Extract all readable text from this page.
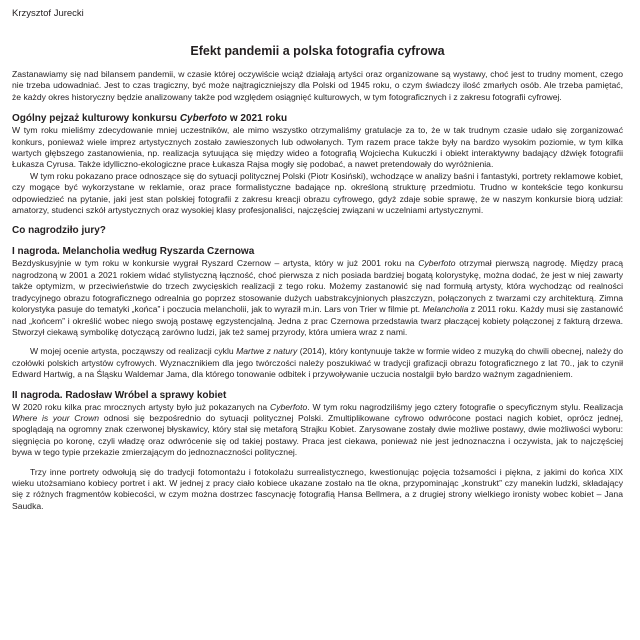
Krzysztof Jurecki
Efekt pandemii a polska fotografia cyfrowa

Zastanawiamy się nad bilansem pandemii, w czasie której oczywiście wciąż działają artyści oraz organizowane są wystawy, choć jest to trudny moment, czego nie trzeba udowadniać. Jest to czas tragiczny, być może najtragiczniejszy dla Polski od 1945 roku, o czym świadczy ilość zmarłych osób. Ale trzeba pamiętać, że każdy okres historyczny będzie analizowany także pod względem osiągnięć kulturowych, w tym fotograficznych i z zakresu fotografii cyfrowej.

Ogólny pejzaż kulturowy konkursu Cyberfoto w 2021 roku

W tym roku mieliśmy zdecydowanie mniej uczestników, ale mimo wszystko otrzymaliśmy gratulacje za to, że w tak trudnym czasie udało się zorganizować konkurs, ponieważ wiele imprez artystycznych zostało zawieszonych lub odwołanych. Tym razem prace także były na bardzo wysokim poziomie, w tym kilka wartych głębszego zastanowienia, np. realizacja sytuująca się między wideo a fotografią Wojciecha Kukuczki i obiekt interaktywny badający dźwięk fotografii Łukasza Cyrusa. Także idylliczno-ekologiczne prace Łukasza Rajsa mogły się podobać, a nawet pretendowały do wyróżnienia.

W tym roku pokazano prace odnoszące się do sytuacji politycznej Polski (Piotr Kosiński), wchodzące w analizy baśni i fantastyki, portrety reklamowe kobiet, czy mogące być wykorzystane w reklamie, oraz prace formalistyczne badające np. określoną strukturę przedmiotu. Trudno w kontekście tego konkursu odpowiedzieć na pytanie, jaki jest stan polskiej fotografii z zakresu kreacji obrazu cyfrowego, gdyż zdaje sobie sprawę, że w naszym konkursie biorą udział: amatorzy, studenci szkół artystycznych oraz wysokiej klasy profesjonaliści, najczęściej związani w uczelniami artystycznymi.

Co nagrodziło jury?
I nagroda. Melancholia według Ryszarda Czernowa

Bezdyskusyjnie w tym roku w konkursie wygrał Ryszard Czernow – artysta, który w już 2001 roku na Cyberfoto otrzymał pierwszą nagrodę. Między pracą nagrodzoną w 2001 a 2021 rokiem widać stylistyczną łączność, choć pierwsza z nich posiada bardziej bogatą kolorystykę, można dodać, że jest w niej zawarty także optymizm, w przeciwieństwie do trzech zwycięskich realizacji z tego roku. Możemy zastanowić się nad formułą artysty, która wychodząc od realności tradycyjnego obrazu fotograficznego odrealnia go poprzez stosowanie dużych uabstrakcyjnionych płaszczyzn, połączonych z twarzami czy architekturą. Zimna kolorystyka pasuje do tematyki „końca” i poczucia melancholii, jak to wyraził m.in. Lars von Trier w filmie pt. Melancholia z 2011 roku. Każdy musi się zastanowić nad „końcem” i określić wobec niego swoją postawę egzystencjalną. Jedna z prac Czernowa przedstawia twarz płaczącej kobiety połączonej z fakturą drzewa. Stworzył ciekawą symbolikę dotyczącą zarówno ludzi, jak też samej przyrody, która umiera wraz z nami.

W mojej ocenie artysta, począwszy od realizacji cyklu Martwe z natury (2014), który kontynuuje także w formie wideo z muzyką do chwili obecnej, należy do czołówki polskich artystów cyfrowych. Wyznacznikiem dla jego twórczości należy poszukiwać w tradycji grafizacji obrazu fotograficznego z lat 70., jak to czynił Edward Hartwig, a na Śląsku Waldemar Jama, dla którego tonowanie odbitek i przywoływanie uczucia nostalgii było bardzo ważnym zagadnieniem.

II nagroda. Radosław Wróbel a sprawy kobiet

W 2020 roku kilka prac mrocznych artysty było już pokazanych na Cyberfoto. W tym roku nagrodziliśmy jego cztery fotografie o specyficznym stylu. Realizacja Where is your Crown odnosi się bezpośrednio do sytuacji politycznej Polski. Zmultiplikowane cyfrowo odwrócone postaci nagich kobiet, oprócz jednej, spoglądają na ogromny znak czerwonej błyskawicy, który stał się metaforą Strajku Kobiet. Zarysowane zostały dwie możliwe postawy, dwie możliwości wyboru: sięgnięcia po koronę, czyli władzę oraz odwrócenie się od takiej postawy. Praca jest ciekawa, ponieważ nie jest jednoznaczna i oczywista, jak to najczęściej bywa w tego typie przekazie zmierzającym do jednoznaczności politycznej.

Trzy inne portrety odwołują się do tradycji fotomontażu i fotokolażu surrealistycznego, kwestionując pojęcia tożsamości i piękna, z jakimi do końca XIX wieku utożsamiano kobiecy portret i akt. W jednej z pracy ciało kobiece ukazane zostało na tle okna, przypominając „konstrukt” czy manekin ludzki, składający się z różnych fragmentów kobiecości, w czym można dostrzec fascynację fotografią Hansa Bellmera, a z drugiej strony wielkiego ironisty wobec kobiet – Jana Saudka.
